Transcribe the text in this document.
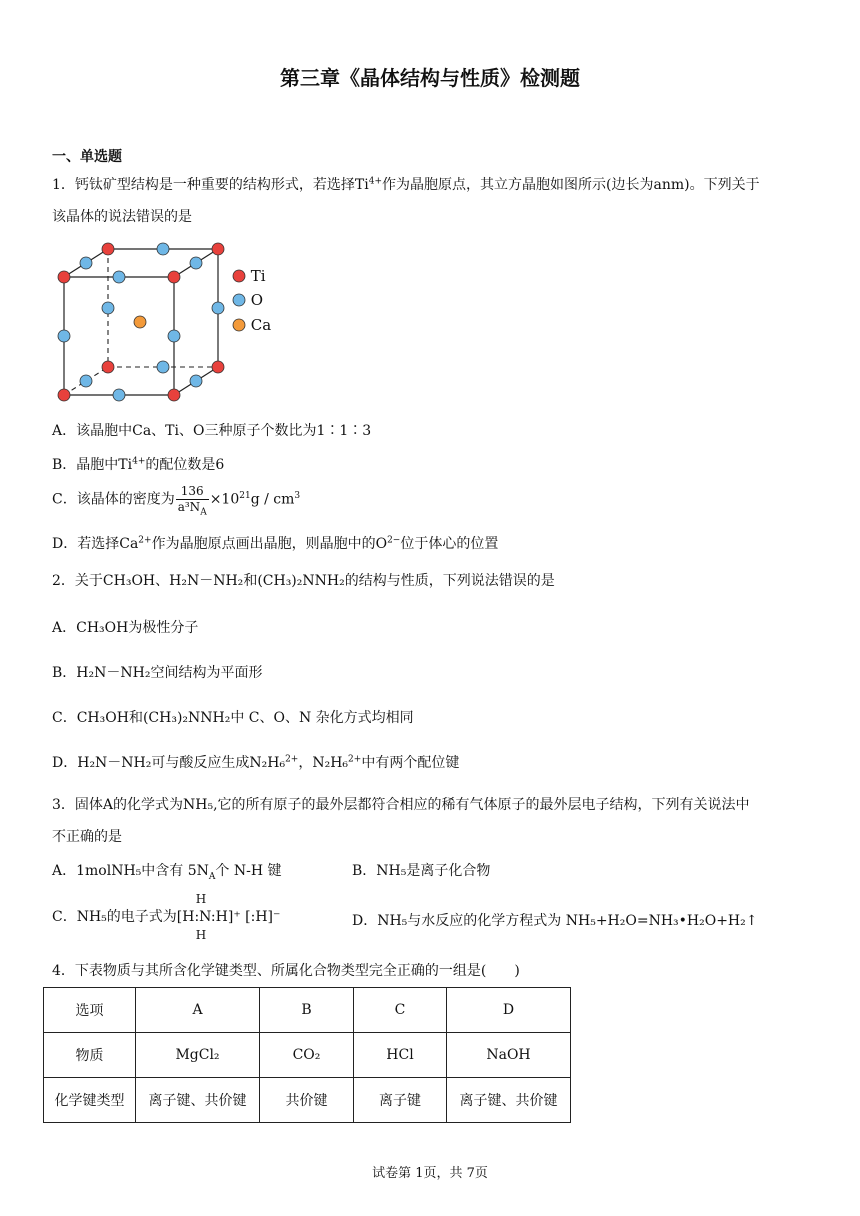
第三章《晶体结构与性质》检测题
一、单选题
1．钙钛矿型结构是一种重要的结构形式，若选择$Ti^{4+}$作为晶胞原点，其立方晶胞如图所示(边长为anm)。下列关于
该晶体的说法错误的是
Ti
O
Ca
A．该晶胞中Ca、Ti、O三种原子个数比为1∶1∶3
B．晶胞中$Ti^{4+}$的配位数是6
C．该晶体的密度为 $\frac{136}{a^3N_A} \times 10^{21}g / cm^3$
D．若选择$Ca^{2+}$作为晶胞原点画出晶胞，则晶胞中的$O^{2-}$位于体心的位置
2．关于CH₃OH、H₂N－NH₂和(CH₃)₂NNH₂的结构与性质，下列说法错误的是
A．CH₃OH为极性分子
B．H₂N－NH₂空间结构为平面形
C．CH₃OH和(CH₃)₂NNH₂中 C、O、N 杂化方式均相同
D．H₂N－NH₂可与酸反应生成N₂H₆$^{2+}$，N₂H₆$^{2+}$中有两个配位键
3．固体A的化学式为NH₅,它的所有原子的最外层都符合相应的稀有气体原子的最外层电子结构，下列有关说法中
不正确的是
A．1molNH₅中含有 $5N_A$个 N-H 键	B．NH₅是离子化合物
C．NH₅的电子式为
H
[H:N:H]⁺ [:H]⁻
H
D．NH₅与水反应的化学方程式为 NH₅+H₂O=NH₃•H₂O+H₂↑
4．下表物质与其所含化学键类型、所属化合物类型完全正确的一组是(　　)
选项	A	B	C	D
物质	MgCl₂	CO₂	HCl	NaOH
化学键类型	离子键、共价键	共价键	离子键	离子键、共价键
试卷第 1页，共 7页
